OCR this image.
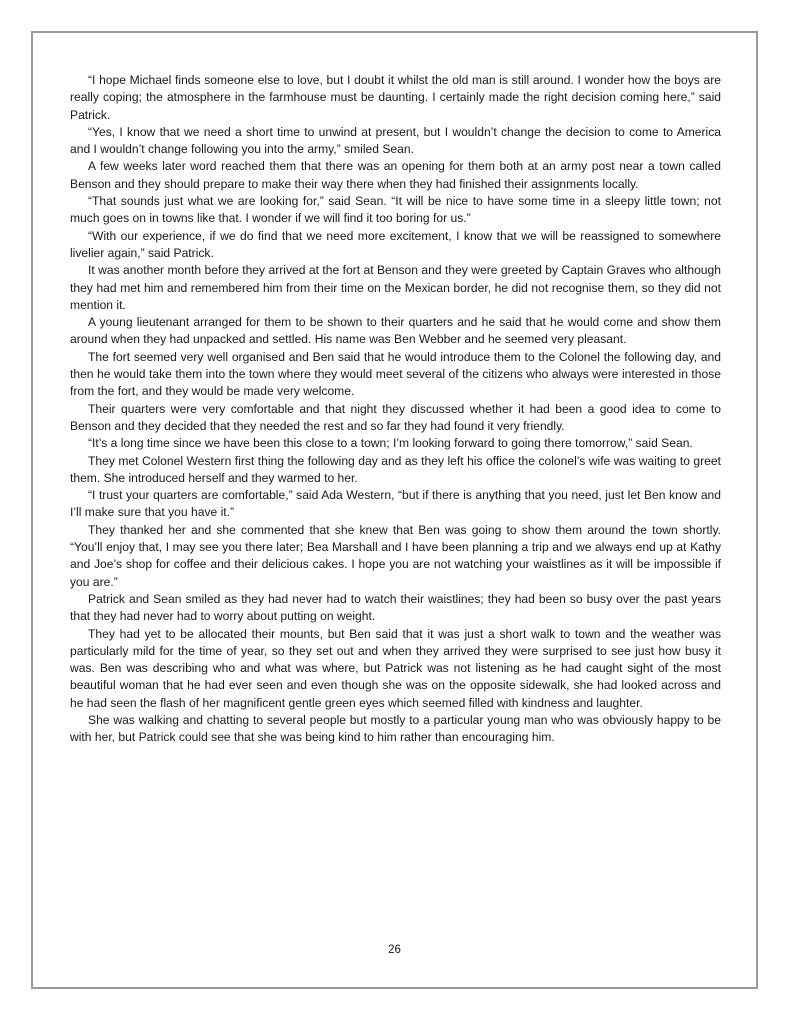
“I hope Michael finds someone else to love, but I doubt it whilst the old man is still around. I wonder how the boys are really coping; the atmosphere in the farmhouse must be daunting. I certainly made the right decision coming here,” said Patrick.

“Yes, I know that we need a short time to unwind at present, but I wouldn’t change the decision to come to America and I wouldn’t change following you into the army,” smiled Sean.

A few weeks later word reached them that there was an opening for them both at an army post near a town called Benson and they should prepare to make their way there when they had finished their assignments locally.

“That sounds just what we are looking for,” said Sean. “It will be nice to have some time in a sleepy little town; not much goes on in towns like that. I wonder if we will find it too boring for us.”

“With our experience, if we do find that we need more excitement, I know that we will be reassigned to somewhere livelier again,” said Patrick.

It was another month before they arrived at the fort at Benson and they were greeted by Captain Graves who although they had met him and remembered him from their time on the Mexican border, he did not recognise them, so they did not mention it.

A young lieutenant arranged for them to be shown to their quarters and he said that he would come and show them around when they had unpacked and settled. His name was Ben Webber and he seemed very pleasant.

The fort seemed very well organised and Ben said that he would introduce them to the Colonel the following day, and then he would take them into the town where they would meet several of the citizens who always were interested in those from the fort, and they would be made very welcome.

Their quarters were very comfortable and that night they discussed whether it had been a good idea to come to Benson and they decided that they needed the rest and so far they had found it very friendly.

“It’s a long time since we have been this close to a town; I’m looking forward to going there tomorrow,” said Sean.

They met Colonel Western first thing the following day and as they left his office the colonel’s wife was waiting to greet them. She introduced herself and they warmed to her.

“I trust your quarters are comfortable,” said Ada Western, “but if there is anything that you need, just let Ben know and I’ll make sure that you have it.”

They thanked her and she commented that she knew that Ben was going to show them around the town shortly. “You’ll enjoy that, I may see you there later; Bea Marshall and I have been planning a trip and we always end up at Kathy and Joe’s shop for coffee and their delicious cakes. I hope you are not watching your waistlines as it will be impossible if you are.”

Patrick and Sean smiled as they had never had to watch their waistlines; they had been so busy over the past years that they had never had to worry about putting on weight.

They had yet to be allocated their mounts, but Ben said that it was just a short walk to town and the weather was particularly mild for the time of year, so they set out and when they arrived they were surprised to see just how busy it was. Ben was describing who and what was where, but Patrick was not listening as he had caught sight of the most beautiful woman that he had ever seen and even though she was on the opposite sidewalk, she had looked across and he had seen the flash of her magnificent gentle green eyes which seemed filled with kindness and laughter.

She was walking and chatting to several people but mostly to a particular young man who was obviously happy to be with her, but Patrick could see that she was being kind to him rather than encouraging him.

26
